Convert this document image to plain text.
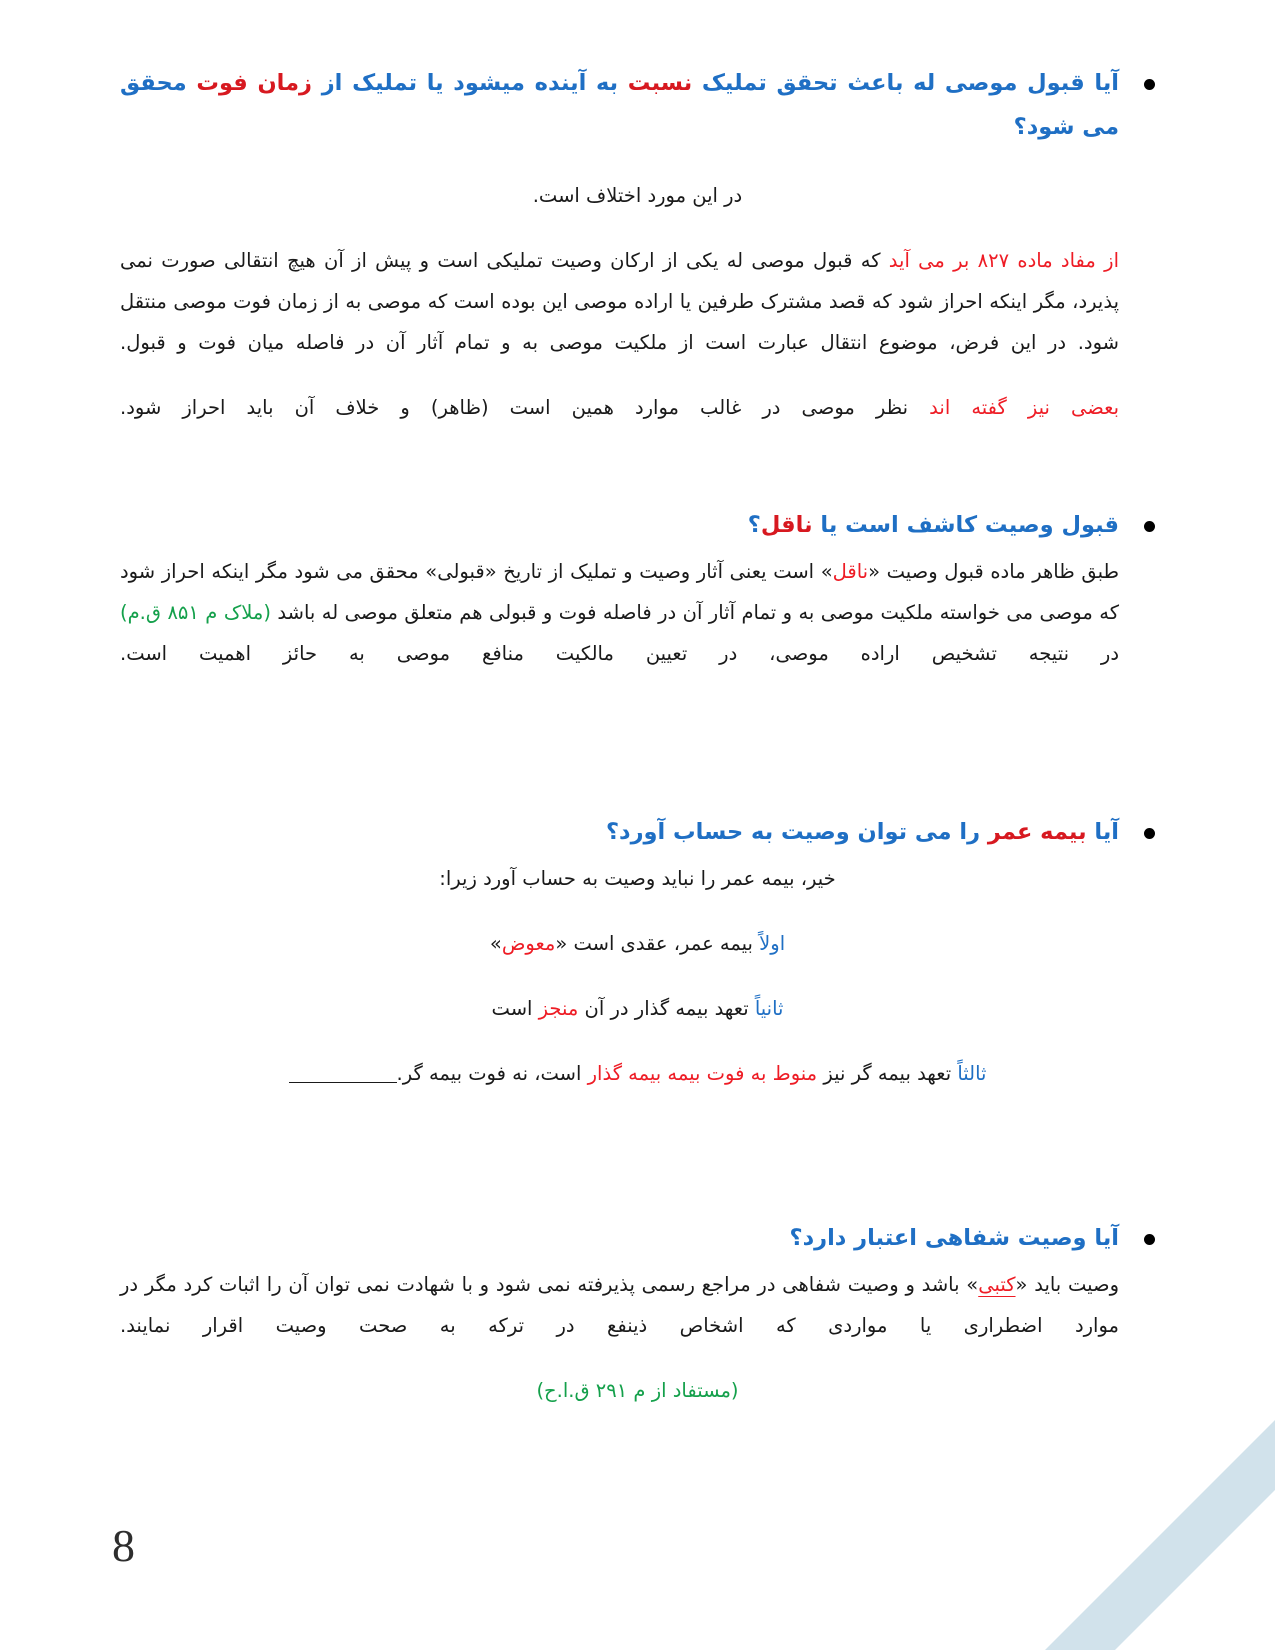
آیا قبول موصی له باعث تحقق تملیک نسبت به آینده میشود یا تملیک از زمان فوت محقق می شود؟

در این مورد اختلاف است.

از مفاد ماده ۸۲۷ بر می آید که قبول موصی له یکی از ارکان وصیت تملیکی است و پیش از آن هیچ انتقالی صورت نمی پذیرد، مگر اینکه احراز شود که قصد مشترک طرفین یا اراده موصی این بوده است که موصی به از زمان فوت موصی منتقل شود. در این فرض، موضوع انتقال عبارت است از ملکیت موصی به و تمام آثار آن در فاصله میان فوت و قبول.

بعضی نیز گفته اند نظر موصی در غالب موارد همین است (ظاهر) و خلاف آن باید احراز شود.

قبول وصیت کاشف است یا ناقل؟

طبق ظاهر ماده قبول وصیت «ناقل» است یعنی آثار وصیت و تملیک از تاریخ «قبولی» محقق می شود مگر اینکه احراز شود که موصی می خواسته ملکیت موصی به و تمام آثار آن در فاصله فوت و قبولی هم متعلق موصی له باشد (ملاک م ۸۵۱ ق.م) در نتیجه تشخیص اراده موصی، در تعیین مالکیت منافع موصی به حائز اهمیت است.

آیا بیمه عمر را می توان وصیت به حساب آورد؟

خیر، بیمه عمر را نباید وصیت به حساب آورد زیرا:

اولاً بیمه عمر، عقدی است «معوض»

ثانیاً تعهد بیمه گذار در آن منجز است

ثالثاً تعهد بیمه گر نیز منوط به فوت بیمه بیمه گذار است، نه فوت بیمه گر.

آیا وصیت شفاهی اعتبار دارد؟

وصیت باید «کتبی» باشد و وصیت شفاهی در مراجع رسمی پذیرفته نمی شود و با شهادت نمی توان آن را اثبات کرد مگر در موارد اضطراری یا مواردی که اشخاص ذینفع در ترکه به صحت وصیت اقرار نمایند.

(مستفاد از م ۲۹۱ ق.ا.ح)

8
